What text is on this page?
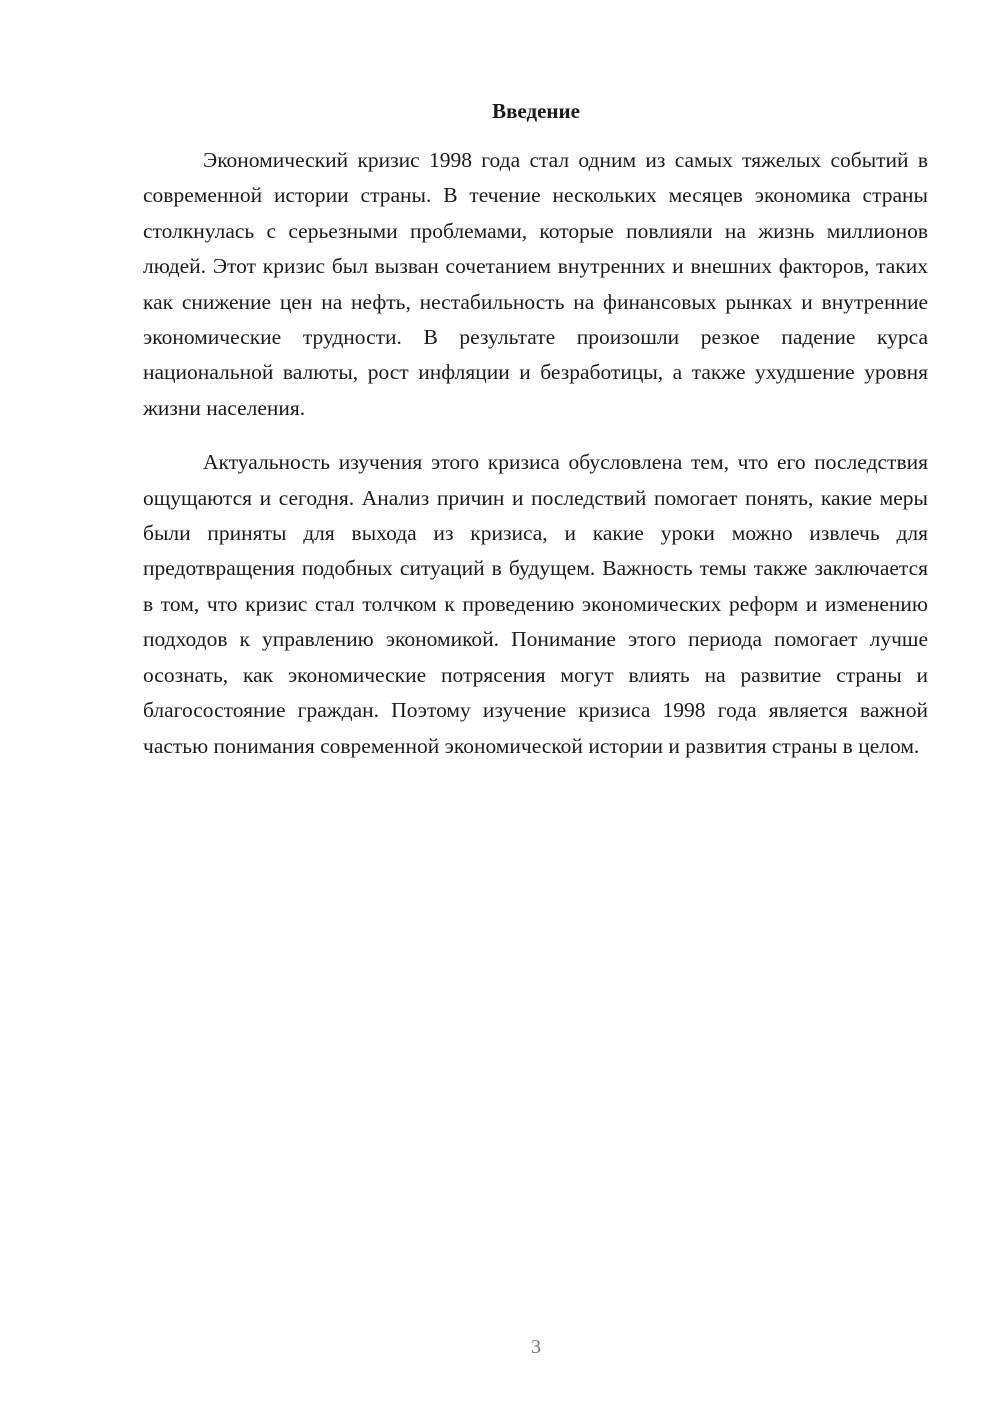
Введение

Экономический кризис 1998 года стал одним из самых тяжелых событий в современной истории страны. В течение нескольких месяцев экономика страны столкнулась с серьезными проблемами, которые повлияли на жизнь миллионов людей. Этот кризис был вызван сочетанием внутренних и внешних факторов, таких как снижение цен на нефть, нестабильность на финансовых рынках и внутренние экономические трудности. В результате произошли резкое падение курса национальной валюты, рост инфляции и безработицы, а также ухудшение уровня жизни населения.

Актуальность изучения этого кризиса обусловлена тем, что его последствия ощущаются и сегодня. Анализ причин и последствий помогает понять, какие меры были приняты для выхода из кризиса, и какие уроки можно извлечь для предотвращения подобных ситуаций в будущем. Важность темы также заключается в том, что кризис стал толчком к проведению экономических реформ и изменению подходов к управлению экономикой. Понимание этого периода помогает лучше осознать, как экономические потрясения могут влиять на развитие страны и благосостояние граждан. Поэтому изучение кризиса 1998 года является важной частью понимания современной экономической истории и развития страны в целом.

3
